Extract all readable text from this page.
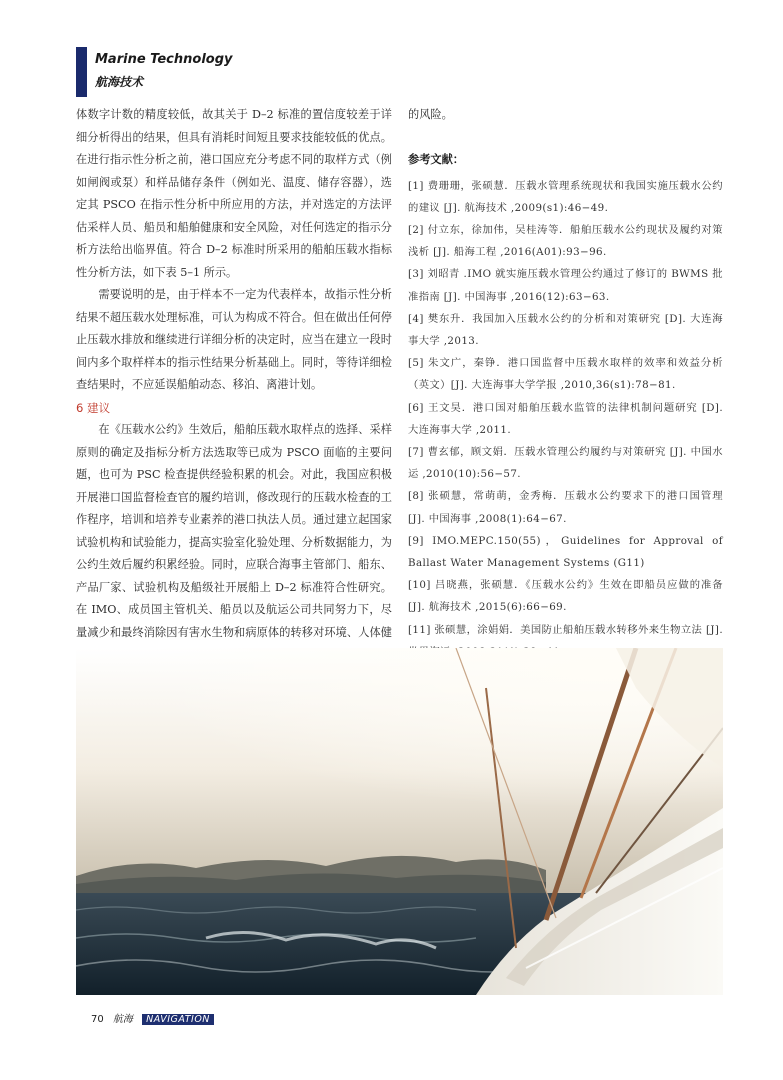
Marine Technology
航海技术

体数字计数的精度较低，故其关于 D–2 标准的置信度较差于详细分析得出的结果，但具有消耗时间短且要求技能较低的优点。在进行指示性分析之前，港口国应充分考虑不同的取样方式（例如闸阀或泵）和样品储存条件（例如光、温度、储存容器），选定其 PSCO 在指示性分析中所应用的方法，并对选定的方法评估采样人员、船员和船舶健康和安全风险，对任何选定的指示分析方法给出临界值。符合 D–2 标准时所采用的船舶压载水指标性分析方法，如下表 5–1 所示。

需要说明的是，由于样本不一定为代表样本，故指示性分析结果不超压载水处理标准，可认为构成不符合。但在做出任何停止压载水排放和继续进行详细分析的决定时，应当在建立一段时间内多个取样样本的指示性结果分析基础上。同时，等待详细检查结果时，不应延误船舶动态、移泊、离港计划。

6 建议

在《压载水公约》生效后，船舶压载水取样点的选择、采样原则的确定及指标分析方法选取等已成为 PSCO 面临的主要问题，也可为 PSC 检查提供经验积累的机会。对此，我国应积极开展港口国监督检查官的履约培训，修改现行的压载水检查的工作程序，培训和培养专业素养的港口执法人员。通过建立起国家试验机构和试验能力，提高实验室化验处理、分析数据能力，为公约生效后履约积累经验。同时，应联合海事主管部门、船东、产品厂家、试验机构及船级社开展船上 D–2 标准符合性研究。在 IMO、成员国主管机关、船员以及航运公司共同努力下，尽量减少和最终消除因有害水生物和病原体的转移对环境、人体健

的风险。

参考文献：
[1] 费珊珊，张硕慧．压载水管理系统现状和我国实施压载水公约的建议 [J]. 航海技术 ,2009(s1):46−49.
[2] 付立东，徐加伟，吴桂涛等．船舶压载水公约现状及履约对策浅析 [J]. 船海工程 ,2016(A01):93−96.
[3] 刘昭青 .IMO 就实施压载水管理公约通过了修订的 BWMS 批准指南 [J]. 中国海事 ,2016(12):63−63.
[4] 樊东升．我国加入压载水公约的分析和对策研究 [D]. 大连海事大学 ,2013.
[5] 朱文广，秦铮．港口国监督中压载水取样的效率和效益分析（英文）[J]. 大连海事大学学报 ,2010,36(s1):78−81.
[6] 王文昊．港口国对船舶压载水监管的法律机制问题研究 [D]. 大连海事大学 ,2011.
[7] 曹玄郁，顾文娟．压载水管理公约履约与对策研究 [J]. 中国水运 ,2010(10):56−57.
[8] 张硕慧，常萌萌，金秀梅．压载水公约要求下的港口国管理 [J]. 中国海事 ,2008(1):64−67.
[9] IMO.MEPC.150(55)，Guidelines for Approval of Ballast Water Management Systems (G11)
[10] 吕晓燕，张硕慧．《压载水公约》生效在即船员应做的准备 [J]. 航海技术 ,2015(6):66−69.
[11] 张硕慧，涂娟娟．美国防止船舶压载水转移外来生物立法 [J].
70 航海 NAVIGATION
